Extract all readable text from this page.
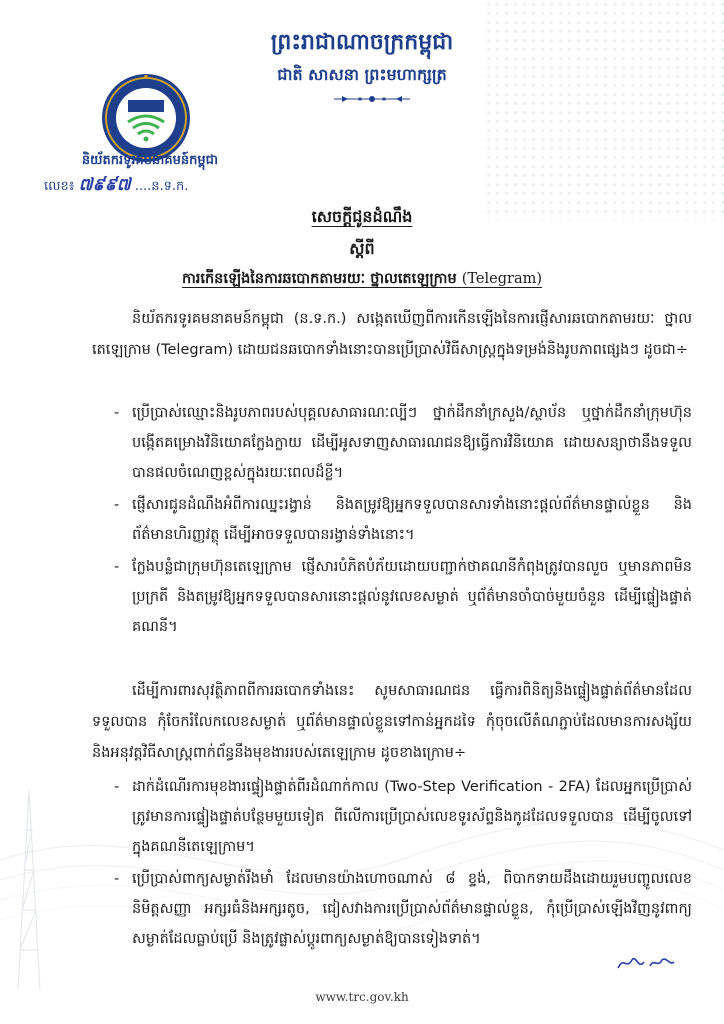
ព្រះរាជាណាចក្រកម្ពុជា
ជាតិ សាសនា ព្រះមហាក្សត្រ
និយ័តករទូរគមនាគមន៍កម្ពុជា
លេខ៖ ៧៩៩៧ ....ន.ទ.ក.
សេចក្ដីជូនដំណឹង
ស្ដីពី
ការកើនឡើងនៃការឆបោកតាមរយៈ ថ្នាលតេឡេក្រាម (Telegram)
និយ័តករទូរគមនាគមន៍កម្ពុជា (ន.ទ.ក.) សង្កេតឃើញពីការកើនឡើងនៃការផ្ញើសារឆបោកតាមរយៈ ថ្នាលតេឡេក្រាម (Telegram) ដោយជនឆបោកទាំងនោះបានប្រើប្រាស់វិធីសាស្ត្រក្នុងទម្រង់និងរូបភាពផ្សេងៗ ដូចជា÷
- ប្រើប្រាស់ឈ្មោះនិងរូបភាពរបស់បុគ្គលសាធារណៈល្បីៗ ថ្នាក់ដឹកនាំក្រសួង/ស្ថាប័ន ឬថ្នាក់ដឹកនាំក្រុមហ៊ុន បង្កើតគម្រោងវិនិយោគក្លែងក្លាយ ដើម្បីអូសទាញសាធារណជនឱ្យធ្វើការវិនិយោគ ដោយសន្យាថានឹងទទួលបានផលចំណេញខ្ពស់ក្នុងរយៈពេលដ៏ខ្លី។
- ផ្ញើសារជូនដំណឹងអំពីការឈ្នះរង្វាន់ និងតម្រូវឱ្យអ្នកទទួលបានសារទាំងនោះផ្ដល់ព័ត៌មានផ្ទាល់ខ្លួន និងព័ត៌មានហិរញ្ញវត្ថុ ដើម្បីអាចទទួលបានរង្វាន់ទាំងនោះ។
- ក្លែងបន្លំជាក្រុមហ៊ុនតេឡេក្រាម ផ្ញើសារបំភិតបំភ័យដោយបញ្ជាក់ថាគណនីកំពុងត្រូវបានលួច ឬមានភាពមិនប្រក្រតី និងតម្រូវឱ្យអ្នកទទួលបានសារនោះផ្ដល់នូវលេខសម្ងាត់ ឬព័ត៌មានចាំបាច់មួយចំនួន ដើម្បីផ្ទៀងផ្ទាត់គណនី។
ដើម្បីការពារសុវត្ថិភាពពីការឆបោកទាំងនេះ សូមសាធារណជន ធ្វើការពិនិត្យនិងផ្ទៀងផ្ទាត់ព័ត៌មានដែលទទួលបាន កុំចែករំលែកលេខសម្ងាត់ ឬព័ត៌មានផ្ទាល់ខ្លួនទៅកាន់អ្នកដទៃ កុំចុចលើតំណភ្ជាប់ដែលមានការសង្ស័យ និងអនុវត្តវិធីសាស្ត្រពាក់ព័ន្ធនឹងមុខងាររបស់តេឡេក្រាម ដូចខាងក្រោម÷
- ដាក់ដំណើរការមុខងារផ្ទៀងផ្ទាត់ពីរដំណាក់កាល (Two-Step Verification - 2FA) ដែលអ្នកប្រើប្រាស់ត្រូវមានការផ្ទៀងផ្ទាត់បន្ថែមមួយទៀត ពីលើការប្រើប្រាស់លេខទូរស័ព្ទនិងកូដដែលទទួលបាន ដើម្បីចូលទៅក្នុងគណនីតេឡេក្រាម។
- ប្រើប្រាស់ពាក្យសម្ងាត់រឹងមាំ ដែលមានយ៉ាងហោចណាស់ ៨ ខ្ទង់, ពិបាកទាយដឹងដោយរួមបញ្ចូលលេខ និមិត្តសញ្ញា អក្សរធំនិងអក្សរតូច, ជៀសវាងការប្រើប្រាស់ព័ត៌មានផ្ទាល់ខ្លួន, កុំប្រើប្រាស់ឡើងវិញនូវពាក្យសម្ងាត់ដែលធ្លាប់ប្រើ និងត្រូវផ្លាស់ប្ដូរពាក្យសម្ងាត់ឱ្យបានទៀងទាត់។
www.trc.gov.kh
